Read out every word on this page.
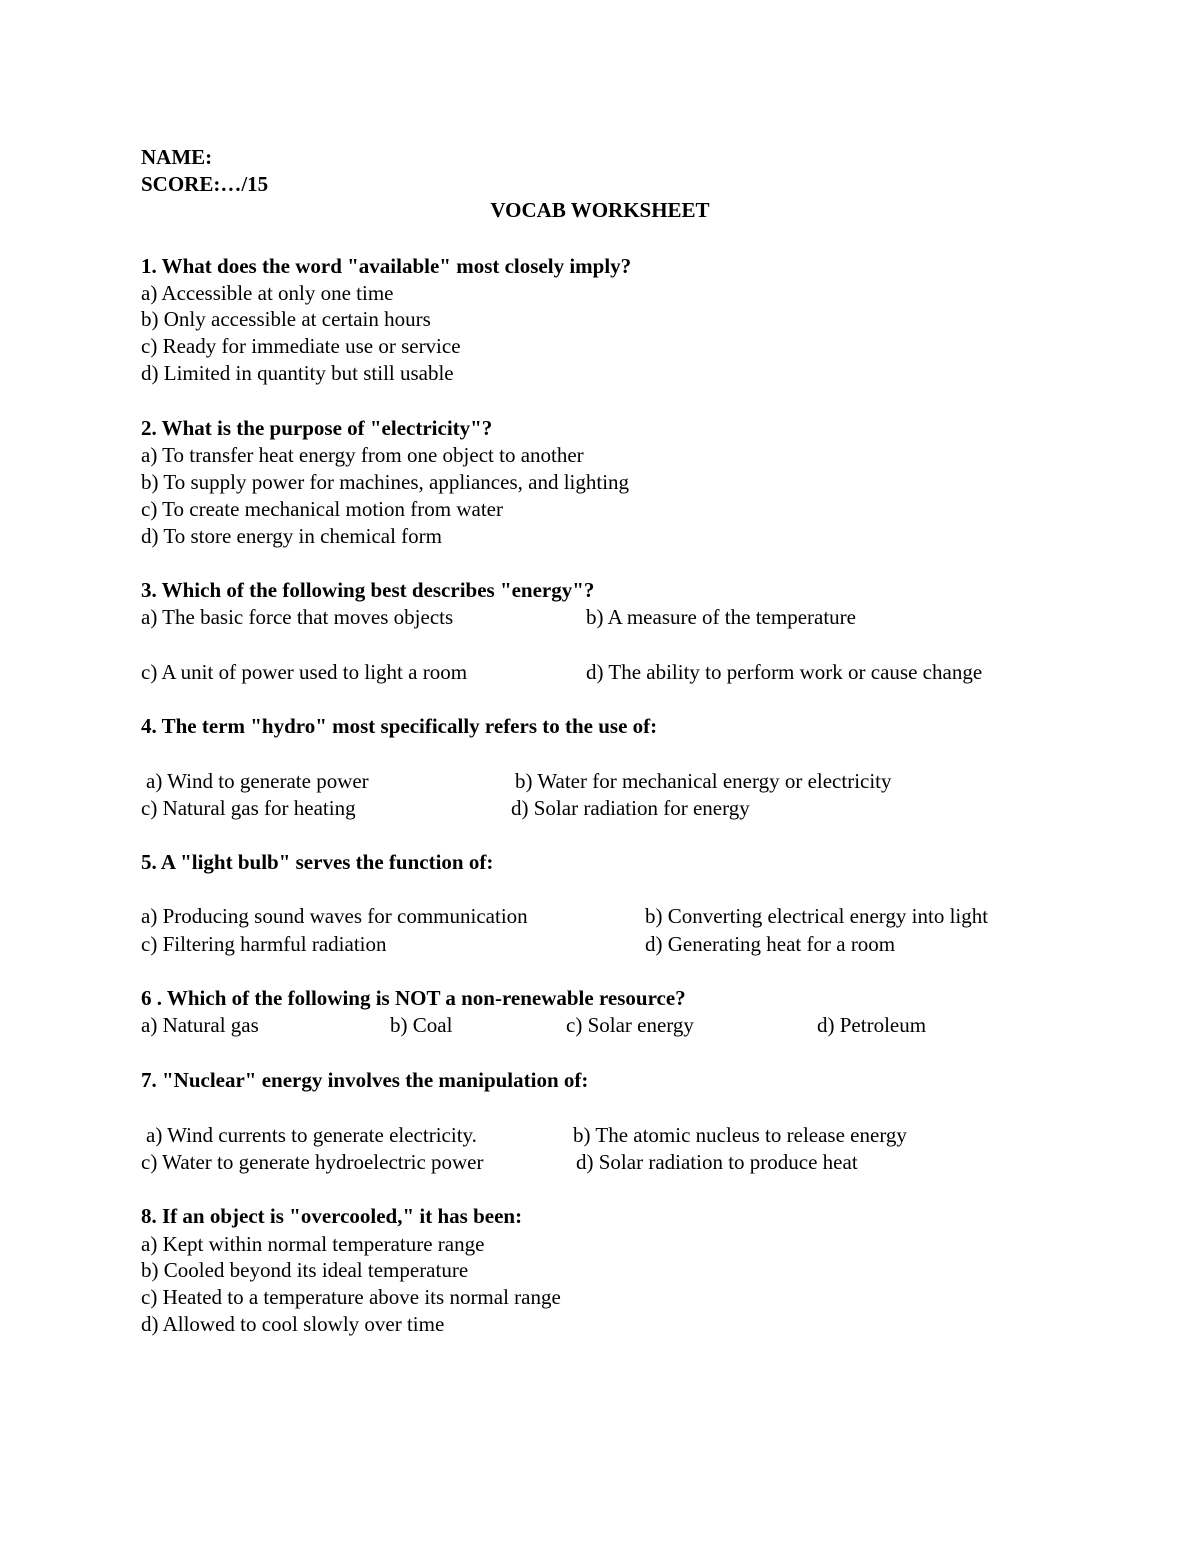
NAME:
SCORE:…/15
VOCAB WORKSHEET
1. What does the word "available" most closely imply?
a) Accessible at only one time
b) Only accessible at certain hours
c) Ready for immediate use or service
d) Limited in quantity but still usable
2. What is the purpose of "electricity"?
a) To transfer heat energy from one object to another
b) To supply power for machines, appliances, and lighting
c) To create mechanical motion from water
d) To store energy in chemical form
3. Which of the following best describes "energy"?
a) The basic force that moves objects	b) A measure of the temperature
c) A unit of power used to light a room	d) The ability to perform work or cause change
4. The term "hydro" most specifically refers to the use of:
a) Wind to generate power	b) Water for mechanical energy or electricity
c) Natural gas for heating	d) Solar radiation for energy
5. A "light bulb" serves the function of:
a) Producing sound waves for communication	b) Converting electrical energy into light
c) Filtering harmful radiation	d) Generating heat for a room
6 . Which of the following is NOT a non-renewable resource?
a) Natural gas	b) Coal	c) Solar energy	d) Petroleum
7. "Nuclear" energy involves the manipulation of:
a) Wind currents to generate electricity.	b) The atomic nucleus to release energy
c) Water to generate hydroelectric power	d) Solar radiation to produce heat
8. If an object is "overcooled," it has been:
a) Kept within normal temperature range
b) Cooled beyond its ideal temperature
c) Heated to a temperature above its normal range
d) Allowed to cool slowly over time
